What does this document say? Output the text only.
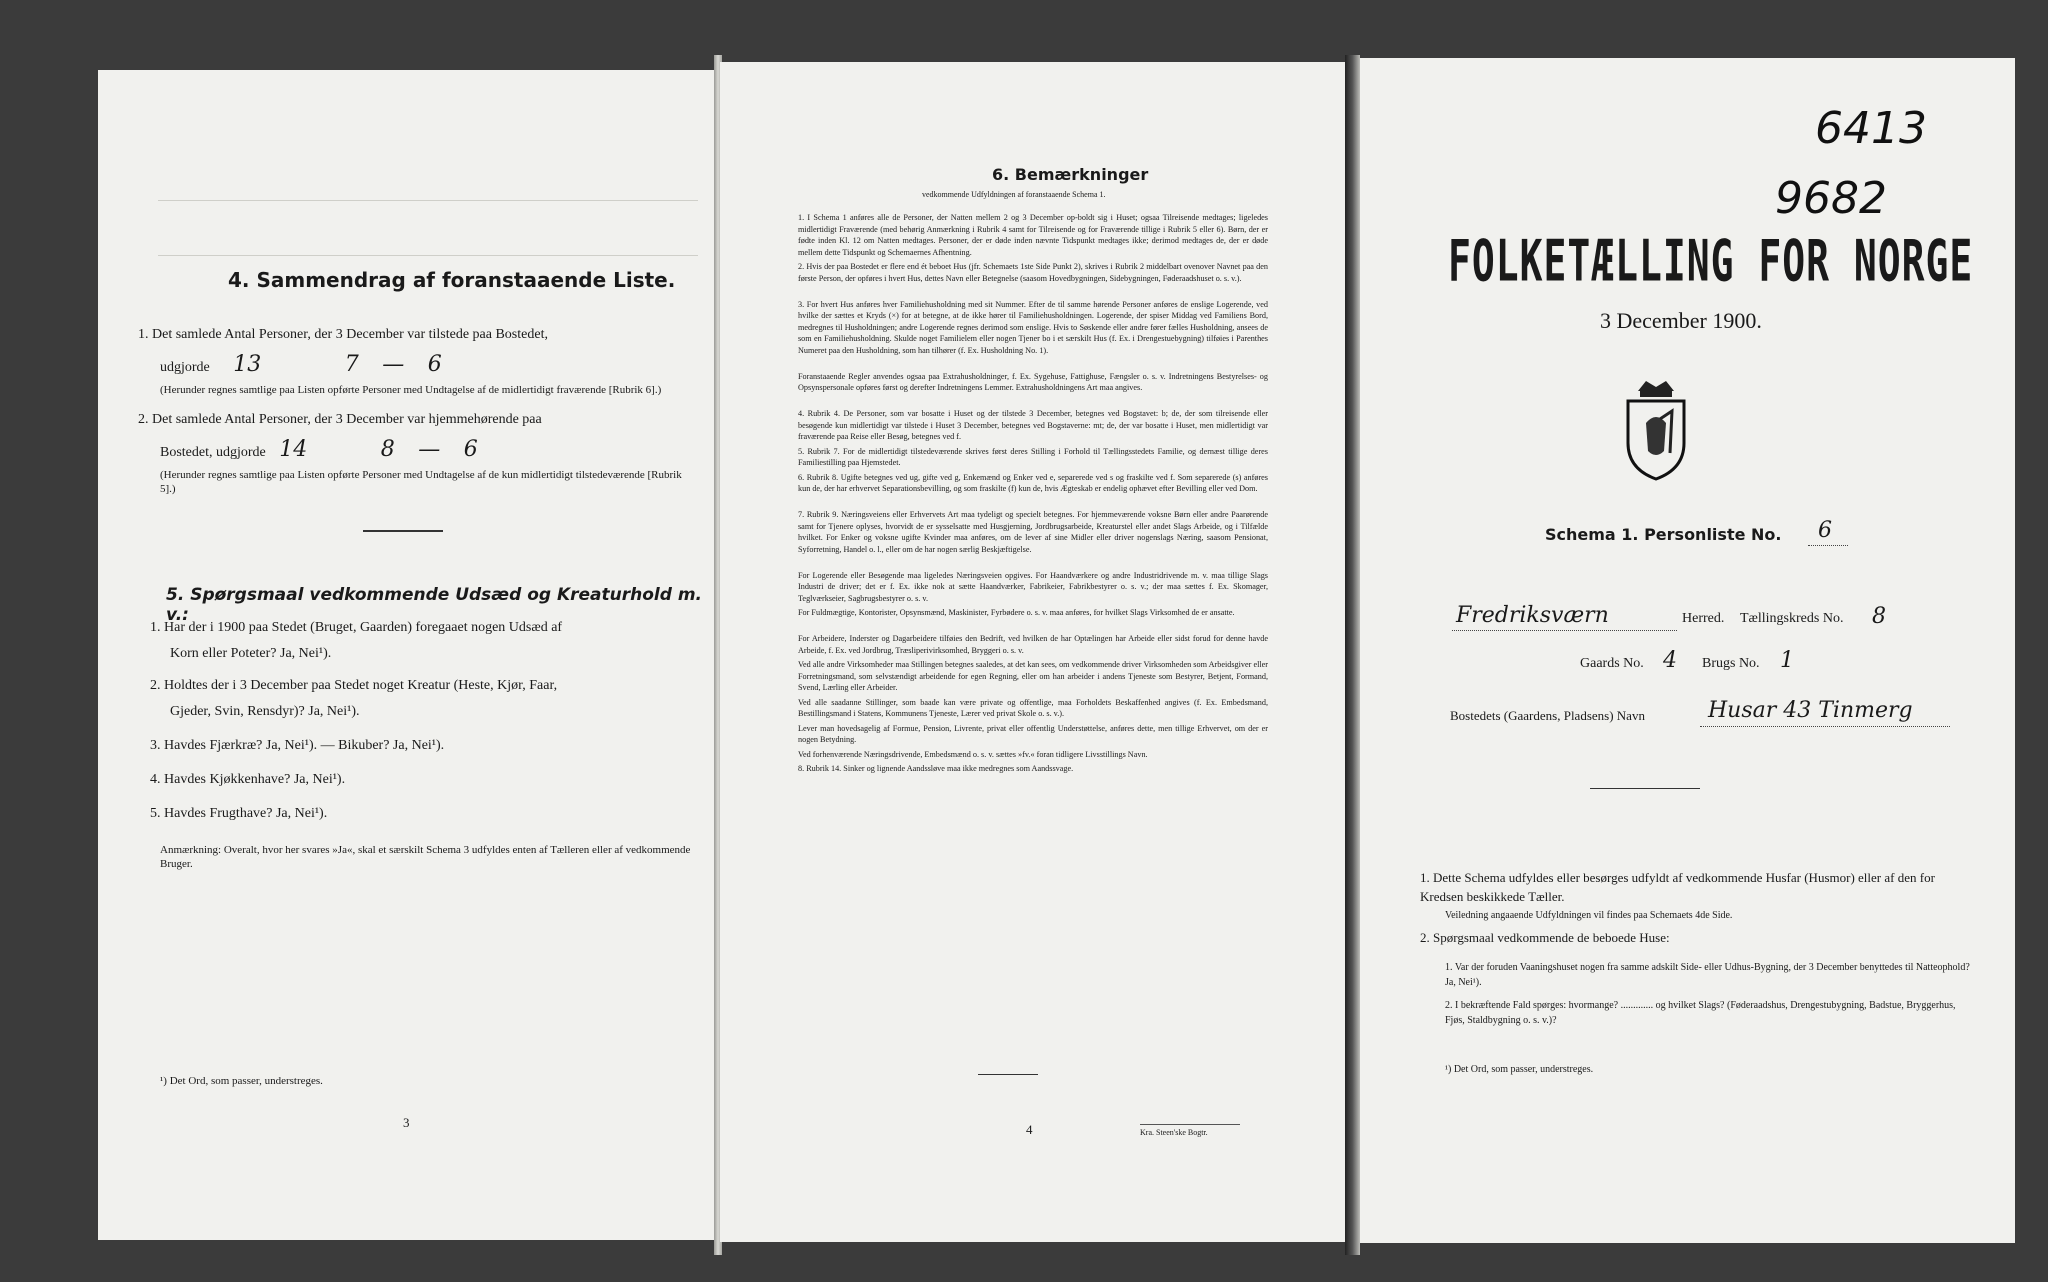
4. Sammendrag af foranstaaende Liste.
1. Det samlede Antal Personer, der 3 December var tilstede paa Bostedet,
udgjorde 13	7 — 6
(Herunder regnes samtlige paa Listen opførte Personer med Undtagelse af de midlertidigt fraværende [Rubrik 6].)
2. Det samlede Antal Personer, der 3 December var hjemmehørende paa
Bostedet, udgjorde 14	8 — 6
(Herunder regnes samtlige paa Listen opførte Personer med Undtagelse af de kun midlertidigt tilstedeværende [Rubrik 5].)
5. Spørgsmaal vedkommende Udsæd og Kreaturhold m. v.:
1. Har der i 1900 paa Stedet (Bruget, Gaarden) foregaaet nogen Udsæd af
Korn eller Poteter? Ja, Nei¹).
2. Holdtes der i 3 December paa Stedet noget Kreatur (Heste, Kjør, Faar,
Gjeder, Svin, Rensdyr)? Ja, Nei¹).
3. Havdes Fjærkræ? Ja, Nei¹). — Bikuber? Ja, Nei¹).
4. Havdes Kjøkkenhave? Ja, Nei¹).
5. Havdes Frugthave? Ja, Nei¹).
Anmærkning: Overalt, hvor her svares »Ja«, skal et særskilt Schema 3 udfyldes enten af Tælleren eller af vedkommende Bruger.
¹) Det Ord, som passer, understreges.
3
6. Bemærkninger
vedkommende Udfyldningen af foranstaaende Schema 1.
1. I Schema 1 anføres alle de Personer, der Natten mellem 2 og 3 December op-boldt sig i Huset; ogsaa Tilreisende medtages; ligeledes midlertidigt Fraværende (med behørig Anmærkning i Rubrik 4 samt for Tilreisende og for Fraværende tillige i Rubrik 5 eller 6). Børn, der er fødte inden Kl. 12 om Natten medtages. Personer, der er døde inden nævnte Tidspunkt medtages ikke; derimod medtages de, der er døde mellem dette Tidspunkt og Schemaernes Afhentning.
2. Hvis der paa Bostedet er flere end ét beboet Hus (jfr. Schemaets 1ste Side Punkt 2), skrives i Rubrik 2 middelbart ovenover Navnet paa den første Person, der opføres i hvert Hus, dettes Navn eller Betegnelse (saasom Hovedbygningen, Sidebygningen, Føderaadshuset o. s. v.).
3. For hvert Hus anføres hver Familiehusholdning med sit Nummer. Efter de til samme hørende Personer anføres de enslige Logerende, ved hvilke der sættes et Kryds (×) for at betegne, at de ikke hører til Familiehusholdningen. Logerende, der spiser Middag ved Familiens Bord, medregnes til Husholdningen; andre Logerende regnes derimod som enslige. Hvis to Søskende eller andre fører fælles Husholdning, ansees de som en Familiehusholdning. Skulde noget Familielem eller nogen Tjener bo i et særskilt Hus (f. Ex. i Drengestuebygning) tilføies i Parenthes Numeret paa den Husholdning, som han tilhører (f. Ex. Husholdning No. 1).
Foranstaaende Regler anvendes ogsaa paa Extrahusholdninger, f. Ex. Sygehuse, Fattighuse, Fængsler o. s. v. Indretningens Bestyrelses- og Opsynspersonale opføres først og derefter Indretningens Lemmer. Extrahusholdningens Art maa angives.
4. Rubrik 4. De Personer, som var bosatte i Huset og der tilstede 3 December, betegnes ved Bogstavet: b; de, der som tilreisende eller besøgende kun midlertidigt var tilstede i Huset 3 December, betegnes ved Bogstaverne: mt; de, der var bosatte i Huset, men midlertidigt var fraværende paa Reise eller Besøg, betegnes ved f.
5. Rubrik 7. For de midlertidigt tilstedeværende skrives først deres Stilling i Forhold til Tællingsstedets Familie, og dernæst tillige deres Familiestilling paa Hjemstedet.
6. Rubrik 8. Ugifte betegnes ved ug, gifte ved g, Enkemænd og Enker ved e, separerede ved s og fraskilte ved f. Som separerede (s) anføres kun de, der har erhvervet Separationsbevilling, og som fraskilte (f) kun de, hvis Ægteskab er endelig ophævet efter Bevilling eller ved Dom.
7. Rubrik 9. Næringsveiens eller Erhvervets Art maa tydeligt og specielt betegnes. For hjemmeværende voksne Børn eller andre Paarørende samt for Tjenere oplyses, hvorvidt de er sysselsatte med Husgjerning, Jordbrugsarbeide, Kreaturstel eller andet Slags Arbeide, og i Tilfælde hvilket. For Enker og voksne ugifte Kvinder maa anføres, om de lever af sine Midler eller driver nogenslags Næring, saasom Pensionat, Syforretning, Handel o. l., eller om de har nogen særlig Beskjæftigelse.
For Logerende eller Besøgende maa ligeledes Næringsveien opgives. For Haandværkere og andre Industridrivende m. v. maa tillige Slags Industri de driver; det er f. Ex. ikke nok at sætte Haandværker, Fabrikeier, Fabrikbestyrer o. s. v.; der maa sættes f. Ex. Skomager, Teglværkseier, Sagbrugsbestyrer o. s. v.
For Fuldmægtige, Kontorister, Opsynsmænd, Maskinister, Fyrbødere o. s. v. maa anføres, for hvilket Slags Virksomhed de er ansatte.
For Arbeidere, Inderster og Dagarbeidere tilføies den Bedrift, ved hvilken de har Optælingen har Arbeide eller sidst forud for denne havde Arbeide, f. Ex. ved Jordbrug, Træsliperivirksomhed, Bryggeri o. s. v.
Ved alle andre Virksomheder maa Stillingen betegnes saaledes, at det kan sees, om vedkommende driver Virksomheden som Arbeidsgiver eller Forretningsmand, som selvstændigt arbeidende for egen Regning, eller om han arbeider i andens Tjeneste som Bestyrer, Betjent, Formand, Svend, Lærling eller Arbeider.
Ved alle saadanne Stillinger, som baade kan være private og offentlige, maa Forholdets Beskaffenhed angives (f. Ex. Embedsmand, Bestillingsmand i Statens, Kommunens Tjeneste, Lærer ved privat Skole o. s. v.).
Lever man hovedsagelig af Formue, Pension, Livrente, privat eller offentlig Understøttelse, anføres dette, men tillige Erhvervet, om der er nogen Betydning.
Ved forhenværende Næringsdrivende, Embedsmænd o. s. v. sættes »fv.« foran tidligere Livsstillings Navn.
8. Rubrik 14. Sinker og lignende Aandssløve maa ikke medregnes som Aandssvage.
4	Kra. Steen'ske Bogtr.
6413
9682
FOLKETÆLLING FOR NORGE
3 December 1900.
Schema 1. Personliste No. 6
Fredriksværn	Herred. Tællingskreds No. 8
Gaards No. 4 Brugs No. 1
Bostedets (Gaardens, Pladsens) Navn	Husar 43 Tinmerg
1. Dette Schema udfyldes eller besørges udfyldt af vedkommende Husfar (Husmor) eller af den for Kredsen beskikkede Tæller.
Veiledning angaaende Udfyldningen vil findes paa Schemaets 4de Side.
2. Spørgsmaal vedkommende de beboede Huse:
1. Var der foruden Vaaningshuset nogen fra samme adskilt Side- eller Udhus-Bygning, der 3 December benyttedes til Natteophold? Ja, Nei¹).
2. I bekræftende Fald spørges: hvormange? ............. og hvilket Slags? (Føderaadshus, Drengestubygning, Badstue, Bryggerhus, Fjøs, Staldbygning o. s. v.)?
¹) Det Ord, som passer, understreges.
